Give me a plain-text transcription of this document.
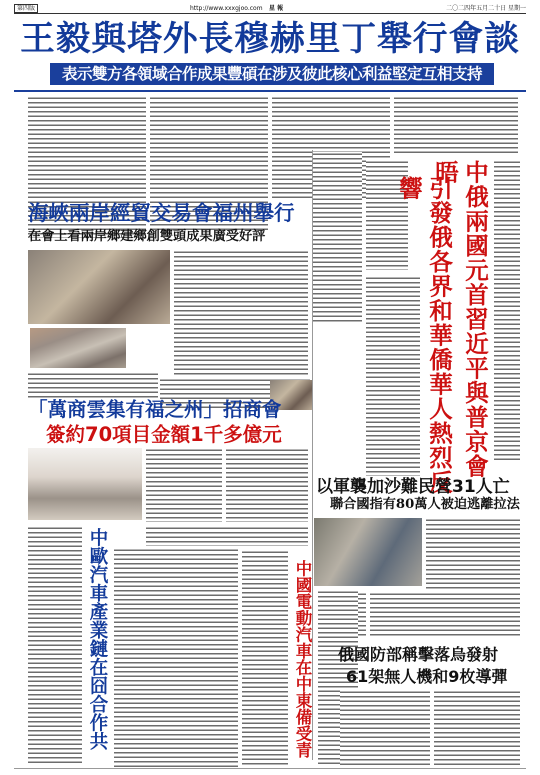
第四版	http://www.xxxgjoo.com 星 報	二〇二四年五月二十日 星期一
王毅與塔外長穆赫里丁舉行會談
表示雙方各領域合作成果豐碩在涉及彼此核心利益堅定互相支持
中俄兩國元首習近平與普京會晤
引發俄各界和華僑華人熱烈反響
海峽兩岸經貿交易會福州舉行
在會上看兩岸鄉建鄉創雙頭成果廣受好評
「萬商雲集有福之州」招商會
簽約70項目金額1千多億元
以軍襲加沙難民營31人亡
聯合國指有80萬人被迫逃離拉法
中歐汽車產業鏈在囧合作共
中國電動汽車在中東備受青
俄國防部稱擊落烏發射
61架無人機和9枚導彈
